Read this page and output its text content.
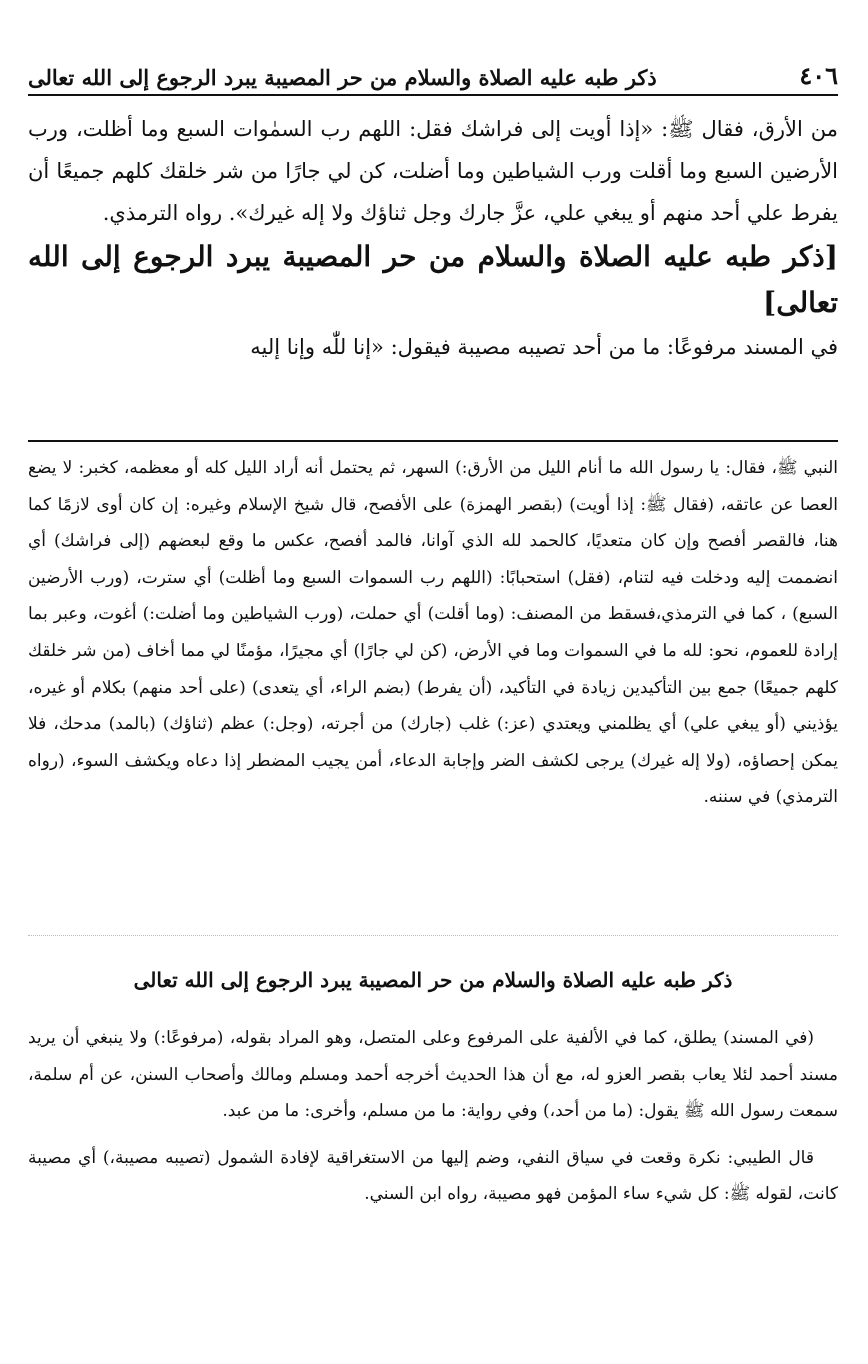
٤٠٦
ذكر طبه عليه الصلاة والسلام من حر المصيبة يبرد الرجوع إلى الله تعالى

من الأرق، فقال ﷺ: «إذا أويت إلى فراشك فقل: اللهم رب السمٰوات السبع وما أظلت، ورب الأرضين السبع وما أقلت ورب الشياطين وما أضلت، كن لي جارًا من شر خلقك كلهم جميعًا أن يفرط علي أحد منهم أو يبغي علي، عزَّ جارك وجل ثناؤك ولا إله غيرك». رواه الترمذي.

[ذكر طبه عليه الصلاة والسلام من حر المصيبة يبرد الرجوع إلى الله تعالى]

في المسند مرفوعًا: ما من أحد تصيبه مصيبة فيقول: «إنا للّٰه وإنا إليه

النبي ﷺ، فقال: يا رسول الله ما أنام الليل من الأرق:) السهر، ثم يحتمل أنه أراد الليل كله أو معظمه، كخبر: لا يضع العصا عن عاتقه، (فقال ﷺ: إذا أويت) (بقصر الهمزة) على الأفصح، قال شيخ الإسلام وغيره: إن كان أوى لازمًا كما هنا، فالقصر أفصح وإن كان متعديًا، كالحمد لله الذي آوانا، فالمد أفصح، عكس ما وقع لبعضهم (إلى فراشك) أي انضممت إليه ودخلت فيه لتنام، (فقل) استحبابًا: (اللهم رب السموات السبع وما أظلت) أي سترت، (ورب الأرضين السبع) ، كما في الترمذي،فسقط من المصنف: (وما أقلت) أي حملت، (ورب الشياطين وما أضلت:) أغوت، وعبر بما إرادة للعموم، نحو: لله ما في السموات وما في الأرض، (كن لي جارًا) أي مجيرًا، مؤمنًا لي مما أخاف (من شر خلقك كلهم جميعًا) جمع بين التأكيدين زيادة في التأكيد، (أن يفرط) (بضم الراء، أي يتعدى) (على أحد منهم) بكلام أو غيره، يؤذيني (أو يبغي علي) أي يظلمني ويعتدي (عز:) غلب (جارك) من أجرته، (وجل:) عظم (ثناؤك) (بالمد) مدحك، فلا يمكن إحصاؤه، (ولا إله غيرك) يرجى لكشف الضر وإجابة الدعاء، أمن يجيب المضطر إذا دعاه ويكشف السوء، (رواه الترمذي) في سننه.

ذكر طبه عليه الصلاة والسلام من حر المصيبة يبرد الرجوع إلى الله تعالى

(في المسند) يطلق، كما في الألفية على المرفوع وعلى المتصل، وهو المراد بقوله، (مرفوعًا:) ولا ينبغي أن يريد مسند أحمد لئلا يعاب بقصر العزو له، مع أن هذا الحديث أخرجه أحمد ومسلم ومالك وأصحاب السنن، عن أم سلمة، سمعت رسول الله ﷺ يقول: (ما من أحد،) وفي رواية: ما من مسلم، وأخرى: ما من عبد.

قال الطيبي: نكرة وقعت في سياق النفي، وضم إليها من الاستغراقية لإفادة الشمول (تصيبه مصيبة،) أي مصيبة كانت، لقوله ﷺ: كل شيء ساء المؤمن فهو مصيبة، رواه ابن السني.
